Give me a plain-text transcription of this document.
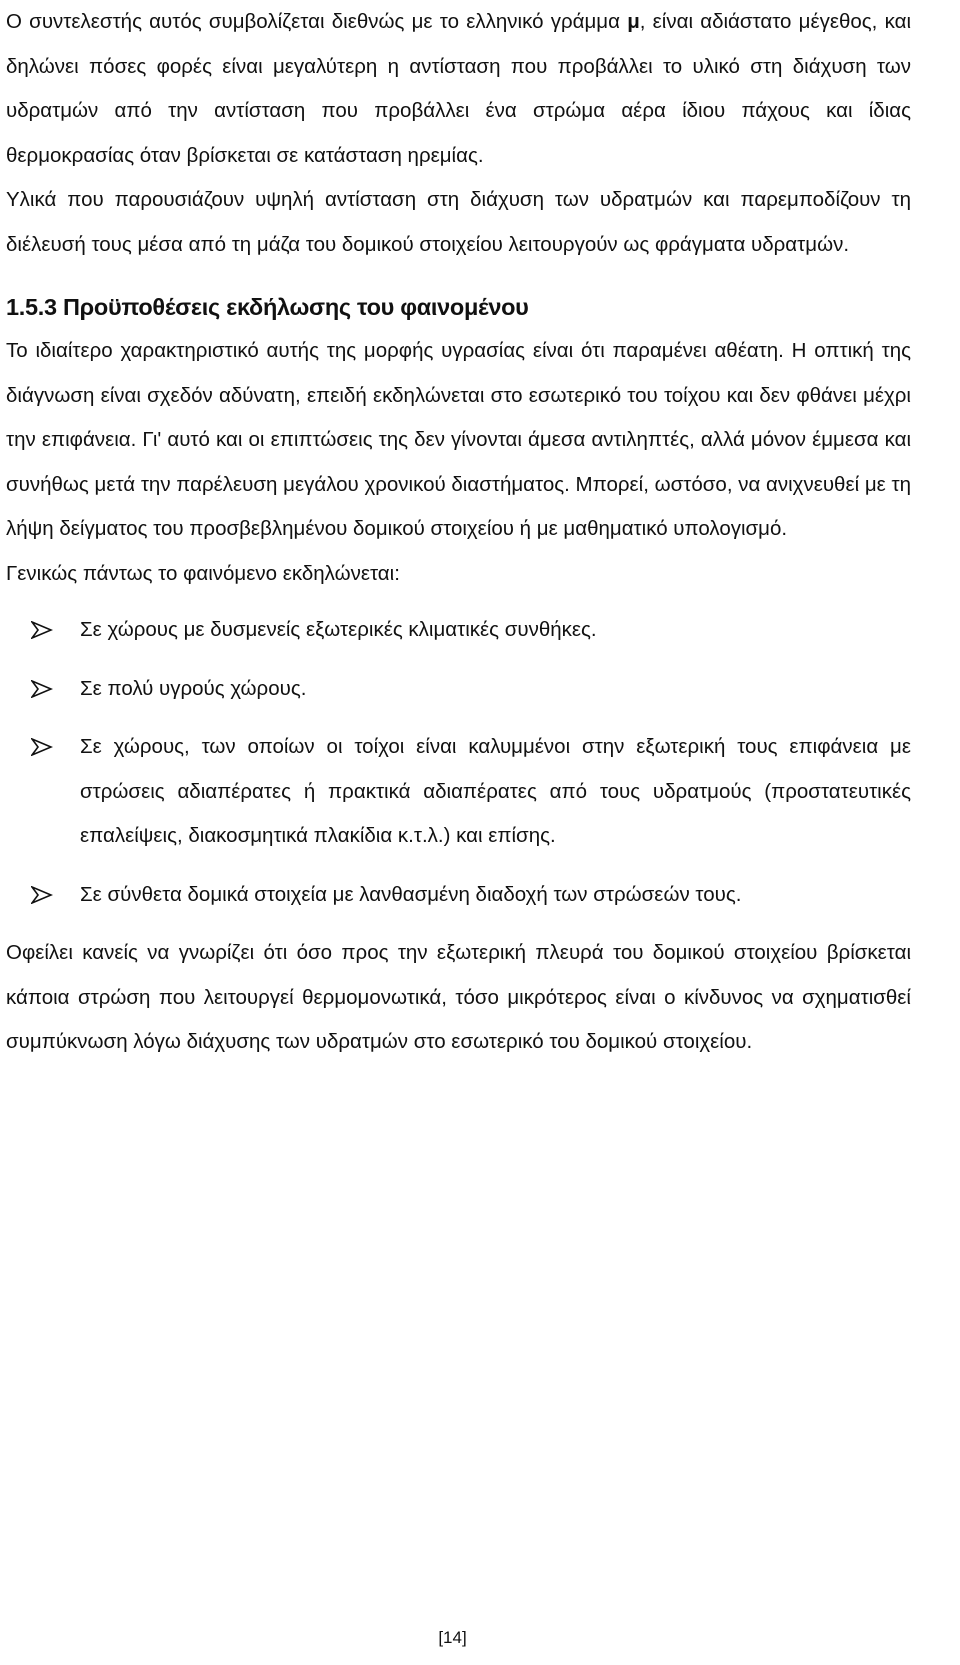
Ο συντελεστής αυτός συμβολίζεται διεθνώς με το ελληνικό γράμμα μ, είναι αδιάστατο μέγεθος, και δηλώνει πόσες φορές είναι μεγαλύτερη η αντίσταση που προβάλλει το υλικό στη διάχυση των υδρατμών από την αντίσταση που προβάλλει ένα στρώμα αέρα ίδιου πάχους και ίδιας θερμοκρασίας όταν βρίσκεται σε κατάσταση ηρεμίας.

Υλικά που παρουσιάζουν υψηλή αντίσταση στη διάχυση των υδρατμών και παρεμποδίζουν τη διέλευσή τους μέσα από τη μάζα του δομικού στοιχείου λειτουργούν ως φράγματα υδρατμών.

1.5.3 Προϋποθέσεις εκδήλωσης του φαινομένου

Το ιδιαίτερο χαρακτηριστικό αυτής της μορφής υγρασίας είναι ότι παραμένει αθέατη. Η οπτική της διάγνωση είναι σχεδόν αδύνατη, επειδή εκδηλώνεται στο εσωτερικό του τοίχου και δεν φθάνει μέχρι την επιφάνεια. Γι' αυτό και οι επιπτώσεις της δεν γίνονται άμεσα αντιληπτές, αλλά μόνον έμμεσα και συνήθως μετά την παρέλευση μεγάλου χρονικού διαστήματος. Μπορεί, ωστόσο, να ανιχνευθεί με τη λήψη δείγματος του προσβεβλημένου δομικού στοιχείου ή με μαθηματικό υπολογισμό.

Γενικώς πάντως το φαινόμενο εκδηλώνεται:

Σε χώρους με δυσμενείς εξωτερικές κλιματικές συνθήκες.
Σε πολύ υγρούς χώρους.
Σε χώρους, των οποίων οι τοίχοι είναι καλυμμένοι στην εξωτερική τους επιφάνεια με στρώσεις αδιαπέρατες ή πρακτικά αδιαπέρατες από τους υδρατμούς (προστατευτικές επαλείψεις, διακοσμητικά πλακίδια κ.τ.λ.) και επίσης.
Σε σύνθετα δομικά στοιχεία με λανθασμένη διαδοχή των στρώσεών τους.

Οφείλει κανείς να γνωρίζει ότι όσο προς την εξωτερική πλευρά του δομικού στοιχείου βρίσκεται κάποια στρώση που λειτουργεί θερμομονωτικά, τόσο μικρότερος είναι ο κίνδυνος να σχηματισθεί συμπύκνωση λόγω διάχυσης των υδρατμών στο εσωτερικό του δομικού στοιχείου.

[14]
